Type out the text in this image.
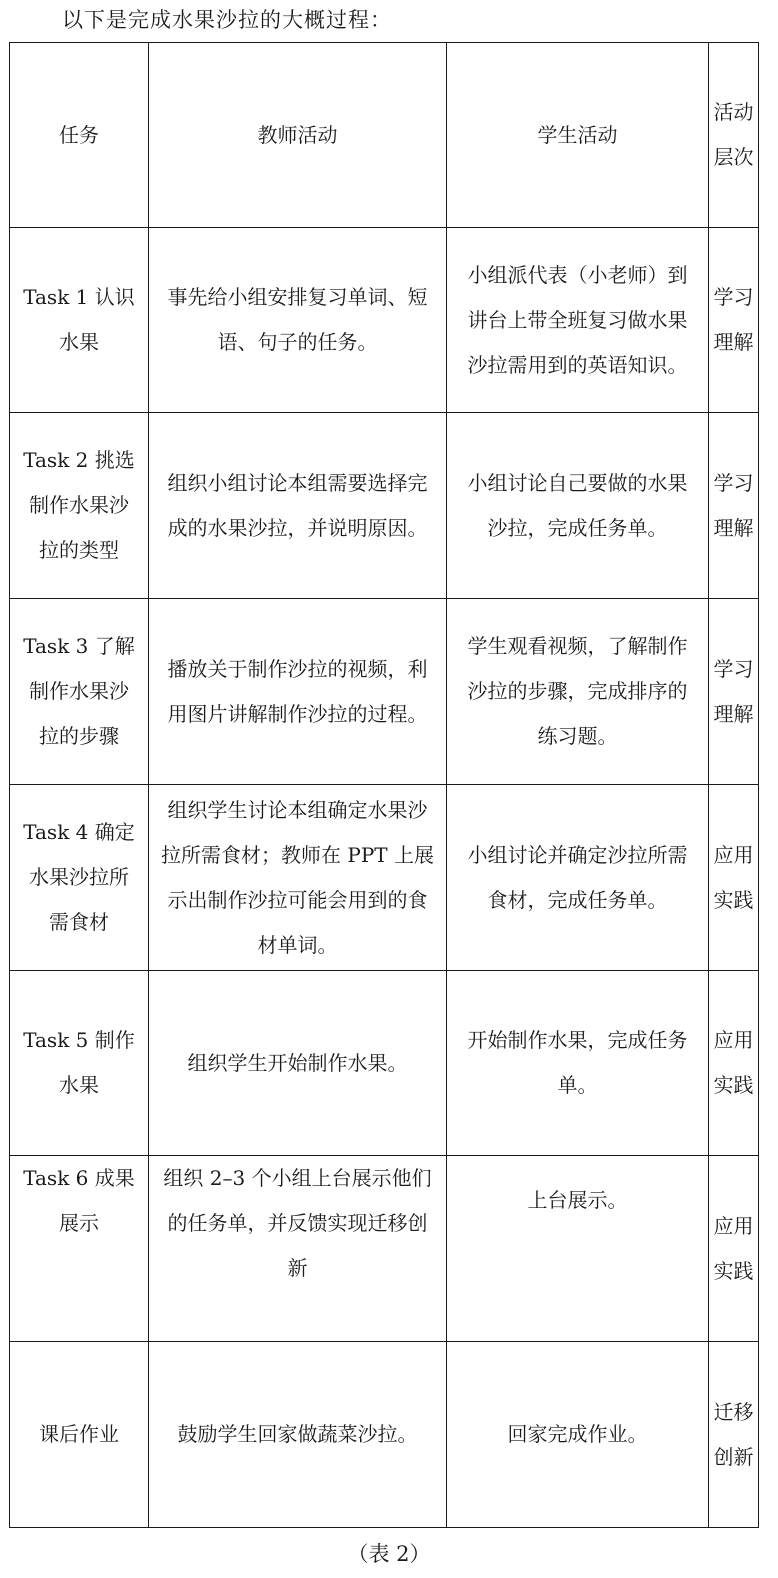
以下是完成水果沙拉的大概过程：
任务	教师活动	学生活动	活动层次
Task 1 认识水果	事先给小组安排复习单词、短语、句子的任务。	小组派代表（小老师）到讲台上带全班复习做水果沙拉需用到的英语知识。	学习理解
Task 2 挑选制作水果沙拉的类型	组织小组讨论本组需要选择完成的水果沙拉，并说明原因。	小组讨论自己要做的水果沙拉，完成任务单。	学习理解
Task 3 了解制作水果沙拉的步骤	播放关于制作沙拉的视频，利用图片讲解制作沙拉的过程。	学生观看视频，了解制作沙拉的步骤，完成排序的练习题。	学习理解
Task 4 确定水果沙拉所需食材	组织学生讨论本组确定水果沙拉所需食材；教师在 PPT 上展示出制作沙拉可能会用到的食材单词。	小组讨论并确定沙拉所需食材，完成任务单。	应用实践
Task 5 制作水果	组织学生开始制作水果。	开始制作水果，完成任务单。	应用实践
Task 6 成果展示	组织 2–3 个小组上台展示他们的任务单，并反馈实现迁移创新	上台展示。	应用实践
课后作业	鼓励学生回家做蔬菜沙拉。	回家完成作业。	迁移创新
（表 2）
